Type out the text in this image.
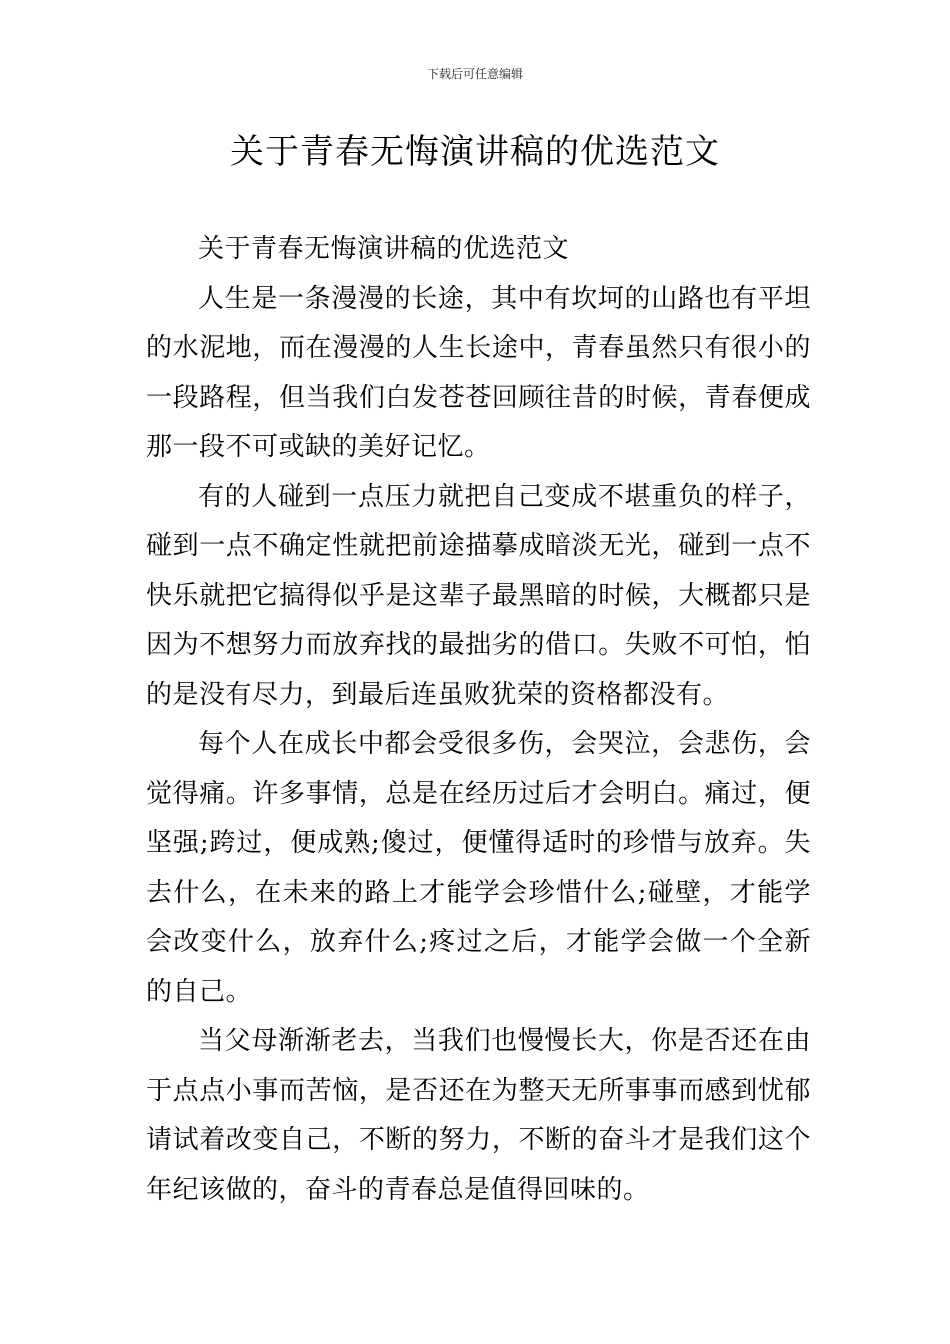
下载后可任意编辑
关于青春无悔演讲稿的优选范文

关于青春无悔演讲稿的优选范文

人生是一条漫漫的长途，其中有坎坷的山路也有平坦的水泥地，而在漫漫的人生长途中，青春虽然只有很小的一段路程，但当我们白发苍苍回顾往昔的时候，青春便成那一段不可或缺的美好记忆。

有的人碰到一点压力就把自己变成不堪重负的样子，碰到一点不确定性就把前途描摹成暗淡无光，碰到一点不快乐就把它搞得似乎是这辈子最黑暗的时候，大概都只是因为不想努力而放弃找的最拙劣的借口。失败不可怕，怕的是没有尽力，到最后连虽败犹荣的资格都没有。

每个人在成长中都会受很多伤，会哭泣，会悲伤，会觉得痛。许多事情，总是在经历过后才会明白。痛过，便坚强;跨过，便成熟;傻过，便懂得适时的珍惜与放弃。失去什么，在未来的路上才能学会珍惜什么;碰壁，才能学会改变什么，放弃什么;疼过之后，才能学会做一个全新的自己。

当父母渐渐老去，当我们也慢慢长大，你是否还在由于点点小事而苦恼，是否还在为整天无所事事而感到忧郁请试着改变自己，不断的努力，不断的奋斗才是我们这个年纪该做的，奋斗的青春总是值得回味的。
